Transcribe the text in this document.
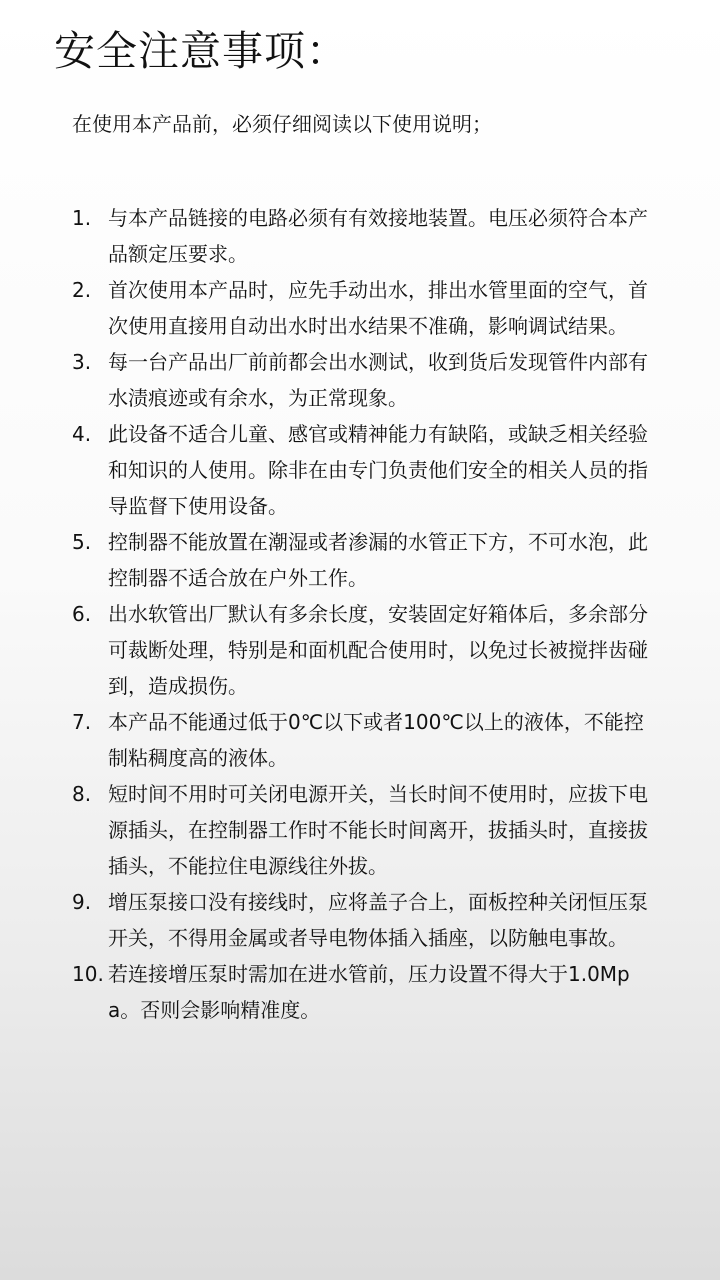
安全注意事项：

在使用本产品前，必须仔细阅读以下使用说明；

1. 与本产品链接的电路必须有有效接地装置。电压必须符合本产品额定压要求。
2. 首次使用本产品时，应先手动出水，排出水管里面的空气，首次使用直接用自动出水时出水结果不准确，影响调试结果。
3. 每一台产品出厂前前都会出水测试，收到货后发现管件内部有水渍痕迹或有余水，为正常现象。
4. 此设备不适合儿童、感官或精神能力有缺陷，或缺乏相关经验和知识的人使用。除非在由专门负责他们安全的相关人员的指导监督下使用设备。
5. 控制器不能放置在潮湿或者渗漏的水管正下方，不可水泡，此控制器不适合放在户外工作。
6. 出水软管出厂默认有多余长度，安装固定好箱体后，多余部分可裁断处理，特别是和面机配合使用时，以免过长被搅拌齿碰到，造成损伤。
7. 本产品不能通过低于0℃以下或者100℃以上的液体，不能控制粘稠度高的液体。
8. 短时间不用时可关闭电源开关，当长时间不使用时，应拔下电源插头，在控制器工作时不能长时间离开，拔插头时，直接拔插头，不能拉住电源线往外拔。
9. 增压泵接口没有接线时，应将盖子合上，面板控种关闭恒压泵开关，不得用金属或者导电物体插入插座，以防触电事故。
10. 若连接增压泵时需加在进水管前，压力设置不得大于1.0Mpa。否则会影响精准度。
